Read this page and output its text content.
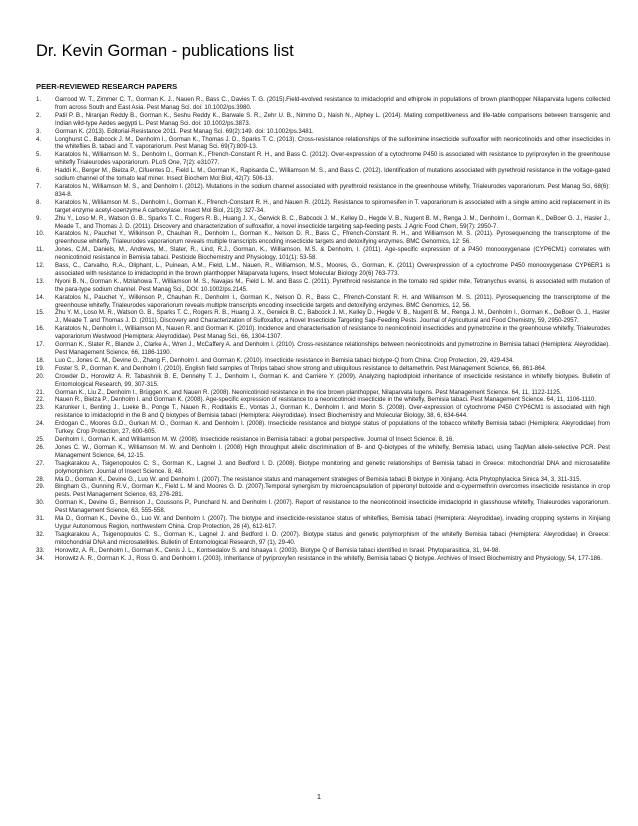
Dr. Kevin Gorman - publications list
PEER-REVIEWED RESEARCH PAPERS
1. Garrood W. T., Zimmer C. T., Gorman K. J., Nauen R., Bass C., Davies T. G. (2015).Field-evolved resistance to imidacloprid and ethiprole in populations of brown planthopper Nilaparvata lugens collected from across South and East Asia. Pest Manag Sci. doi: 10.1002/ps.3980.
2. Patil P. B., Niranjan Reddy B., Gorman K., Seshu Reddy K., Barwale S. R., Zehr U. B., Nimmo D., Naish N., Alphey L. (2014). Mating competitiveness and life-table comparisons between transgenic and Indian wild-type Aedes aegypti L. Pest Manag Sci. doi: 10.1002/ps.3873.
3. Gorman K. (2013). Editorial-Resistance 2011. Pest Manag Sci. 69(2):149. doi: 10.1002/ps.3481.
4. Longhurst C., Babcock J. M., Denholm I., Gorman K., Thomas J. D., Sparks T. C. (2013). Cross-resistance relationships of the sulfoximine insecticide sulfoxaflor with neonicotinoids and other insecticides in the whiteflies B. tabaci and T. vaporariorum. Pest Manag Sci. 69(7):809-13.
5. Karatolos N., Williamson M. S., Denholm I., Gorman K., Ffrench-Constant R. H., and Bass C. (2012). Over-expression of a cytochrome P450 is associated with resistance to pyriproxyfen in the greenhouse whitefly Trialeurodes vaporariorum. PLoS One, 7(2): e31077.
6. Haddi K., Berger M., Bielza P., Cifuentes D., Field L. M., Gorman K., Rapisarda C., Williamson M. S., and Bass C. (2012). Identification of mutations associated with pyrethroid resistance in the voltage-gated sodium channel of the tomato leaf miner. Insect Biochem Mol Biol, 42(7): 506-13.
7. Karatolos N., Williamson M. S., and Denholm I. (2012). Mutations in the sodium channel associated with pyrethroid resistance in the greenhouse whitefly, Trialeurodes vaporariorum. Pest Manag Sci, 68(6): 834-8.
8. Karatolos N., Williamson M. S., Denholm I., Gorman K., Ffrench-Constant R. H., and Nauen R. (2012). Resistance to spiromesifen in T. vaporariorum is associated with a single amino acid replacement in its target enzyme acetyl-coenzyme A carboxylase. Insect Mol Biol, 21(3): 327-34.
9. Zhu Y., Loso M. R., Watson G. B., Sparks T. C., Rogers R. B., Huang J. X., Gerwick B. C., Babcock J. M., Kelley D., Hegde V. B., Nugent B. M., Renga J. M., Denholm I., Gorman K., DeBoer G. J., Hasler J., Meade T., and Thomas J. D. (2011). Discovery and characterization of sulfoxaflor, a novel insecticide targeting sap-feeding pests. J Agric Food Chem, 59(7): 2950-7.
10. Karatolos N., Pauchet Y., Wilkinson P., Chauhan R., Denholm I., Gorman K., Nelson D. R., Bass C., Ffrench-Constant R. H., and Williamson M. S. (2011). Pyrosequencing the transcriptome of the greenhouse whitefly, Trialeurodes vaporariorum reveals multiple transcripts encoding insecticide targets and detoxifying enzymes. BMC Genomics, 12: 56.
11. Jones, C.M., Daniels, M., Andrews, M., Slater, R., Lind, R.J., Gorman, K., Williamson, M.S. & Denholm, I. (2011). Age-specific expression of a P450 monooxygenase (CYP6CM1) correlates with neonicotinoid resistance in Bemisia tabaci. Pesticide Biochemistry and Physiology, 101(1): 53-58.
12. Bass, C., Carvalho, R.A., Oliphant, L., Puinean, A.M., Field, L.M., Nauen, R., Williamson, M.S., Moores, G., Gorman, K. (2011) Overexpression of a cytochrome P450 monooxygenase CYP6ER1 is associated with resistance to imidacloprid in the brown planthopper Nilaparvata lugens, Insect Molecular Biology 20(6) 763-773.
13. Nyoni B. N., Gorman K., Mzilahowa T., Williamson M. S., Navajas M., Field L. M. and Bass C. (2011). Pyrethroid resistance in the tomato red spider mite, Tetranychus evansi, is associated with mutation of the para-type sodium channel. Pest Manag Sci., DOI: 10.1002/ps.2145.
14. Karatolos N., Pauchet Y., Wilkinson P., Chauhan R., Denholm I., Gorman K., Nelson D. R., Bass C., Ffrench-Constant R. H. and Williamson M. S. (2011). Pyrosequencing the transcriptome of the greenhouse whitefly, Trialeurodes vaporariorum reveals multiple transcripts encoding insecticide targets and detoxifying enzymes. BMC Genomics, 12, 56.
15. Zhu Y. M., Loso M. R., Watson G. B., Sparks T. C., Rogers R. B., Huang J. X., Gerwick B. C., Babcock J. M., Kelley D., Hegde V. B., Nugent B. M., Renga J. M., Denholm I., Gorman K., DeBoer G. J., Hasler J., Meade T. and Thomas J. D. (2011). Discovery and Characterization of Sulfoxaflor, a Novel Insecticide Targeting Sap-Feeding Pests. Journal of Agricultural and Food Chemistry, 59, 2950-2957.
16. Karatolos N., Denholm I., Williamson M., Nauen R. and Gorman K. (2010). Incidence and characterisation of resistance to neonicotinoid insecticides and pymetrozine in the greenhouse whitefly, Trialeurodes vaporariorum Westwood (Hemiptera: Aleyrodidae). Pest Manag Sci., 66, 1304-1307.
17. Gorman K., Slater R., Blande J., Clarke A., Wren J., McCaffery A. and Denholm I. (2010). Cross-resistance relationships between neonicotinoids and pymetrozine in Bemisia tabaci (Hemiptera: Aleyrodidae). Pest Management Science, 66, 1186-1190.
18. Luo C., Jones C. M., Devine G., Zhang F., Denholm I. and Gorman K. (2010). Insecticide resistance in Bemisia tabaci biotype-Q from China. Crop Protection, 29, 429-434.
19. Foster S. P., Gorman K. and Denholm I. (2010). English field samples of Thrips tabaci show strong and ubiquitous resistance to deltamethrin. Pest Management Science, 66, 861-864.
20. Crowder D., Horowitz A. R. Tabashnik B. E, Dennehy T. J., Denholm I., Gorman K. and Carrière Y. (2009). Analyzing haplodiploid inheritance of insecticide resistance in whitefly biotypes. Bulletin of Entomological Research, 99, 307-315.
21. Gorman K., Liu Z., Denholm I., Brüggen K. and Nauen R. (2008). Neonicotinoid resistance in the rice brown planthopper, Nilaparvata lugens. Pest Management Science. 64, 11, 1122-1125.
22. Nauen R., Bielza P., Denholm I. and Gorman K. (2008). Age-specific expression of resistance to a neonicotinoid insecticide in the whitefly, Bemisia tabaci. Pest Management Science. 64, 11, 1106-1110.
23. Karunker I., Benting J., Lueke B., Ponge T., Nauen R., Roditakis E., Vontas J., Gorman K., Denholm I. and Morin S. (2008). Over-expression of cytochrome P450 CYP6CM1 is associated with high resistance to imidacloprid in the B and Q biotypes of Bemisia tabaci (Hemiptera: Aleyrodidae). Insect Biochemistry and Molecular Biology, 38, 6, 634-644.
24. Erdogan C., Moores G.D., Gurkan M. O., Gorman K. and Denholm I. (2008). Insecticide resistance and biotype status of populations of the tobacco whitefly Bemisia tabaci (Hemiptera: Aleyrodidae) from Turkey. Crop Protection, 27, 600-605.
25. Denholm I., Gorman K. and Williamson M. W. (2008). Insecticide resistance in Bemisia tabaci: a global perspective. Journal of Insect Science. 8, 16.
26. Jones C. W., Gorman K., Williamson M. W. and Denholm I. (2008) High throughput allelic discrimination of B- and Q-biotypes of the whitefly, Bemisia tabaci, using TaqMan allele-selective PCR. Pest Management Science, 64, 12-15.
27. Tsagkarakou A., Tsigenopoulos C. S., Gorman K., Lagnel J. and Bedford I. D. (2008). Biotype monitoring and genetic relationships of Bemisia tabaci in Greece: mitochondrial DNA and microsatellite polymorphism. Journal of Insect Science. 8, 48.
28. Ma D., Gorman K., Devine G., Luo W. and Denholm I. (2007). The resistance status and management strategies of Bemisia tabaci B biotype in Xinjiang. Acta Phytophylacica Sinica 34, 3, 311-315.
29. Bingham G., Gunning R.V., Gorman K., Field L. M and Moores G. D. (2007).Temporal synergism by microencapsulation of piperonyl butoxide and α-cypermethrin overcomes insecticide resistance in crop pests. Pest Management Science, 63, 276-281.
30. Gorman K., Devine G., Bennison J., Coussons P., Punchard N. and Denholm I. (2007). Report of resistance to the neonicotinoid insecticide imidacloprid in glasshouse whitefly, Trialeurodes vaporariorum. Pest Management Science, 63, 555-558.
31. Ma D., Gorman K., Devine G., Luo W. and Denholm I. (2007). The biotype and insecticide-resistance status of whiteflies, Bemisia tabaci (Hemiptera: Aleyrodidae), invading cropping systems in Xinjiang Uygur Autonomous Region, northwestern China. Crop Protection, 26 (4), 612-617.
32. Tsagkarakou A., Tsigenopoulos C. S., Gorman K., Lagnel J. and Bedford I. D. (2007). Biotype status and genetic polymorphism of the whitefly Bemisia tabaci (Hemiptera: Aleyrodidae) in Greece: mitochondrial DNA and microsatellites. Bulletin of Entomological Research, 97 (1), 29-40.
33. Horowitz, A. R., Denholm I., Gorman K., Cenis J. L., Kontsedalov S. and Ishaaya I. (2003). Biotype Q of Bemisia tabaci identified in Israel. Phytoparasitica, 31, 94-98.
34. Horowitz A. R., Gorman K. J., Ross G. and Denholm I. (2003). Inheritance of pyriproxyfen resistance in the whitefly, Bemisia tabaci Q biotype. Archives of Insect Biochemistry and Physiology, 54, 177-186.
1
